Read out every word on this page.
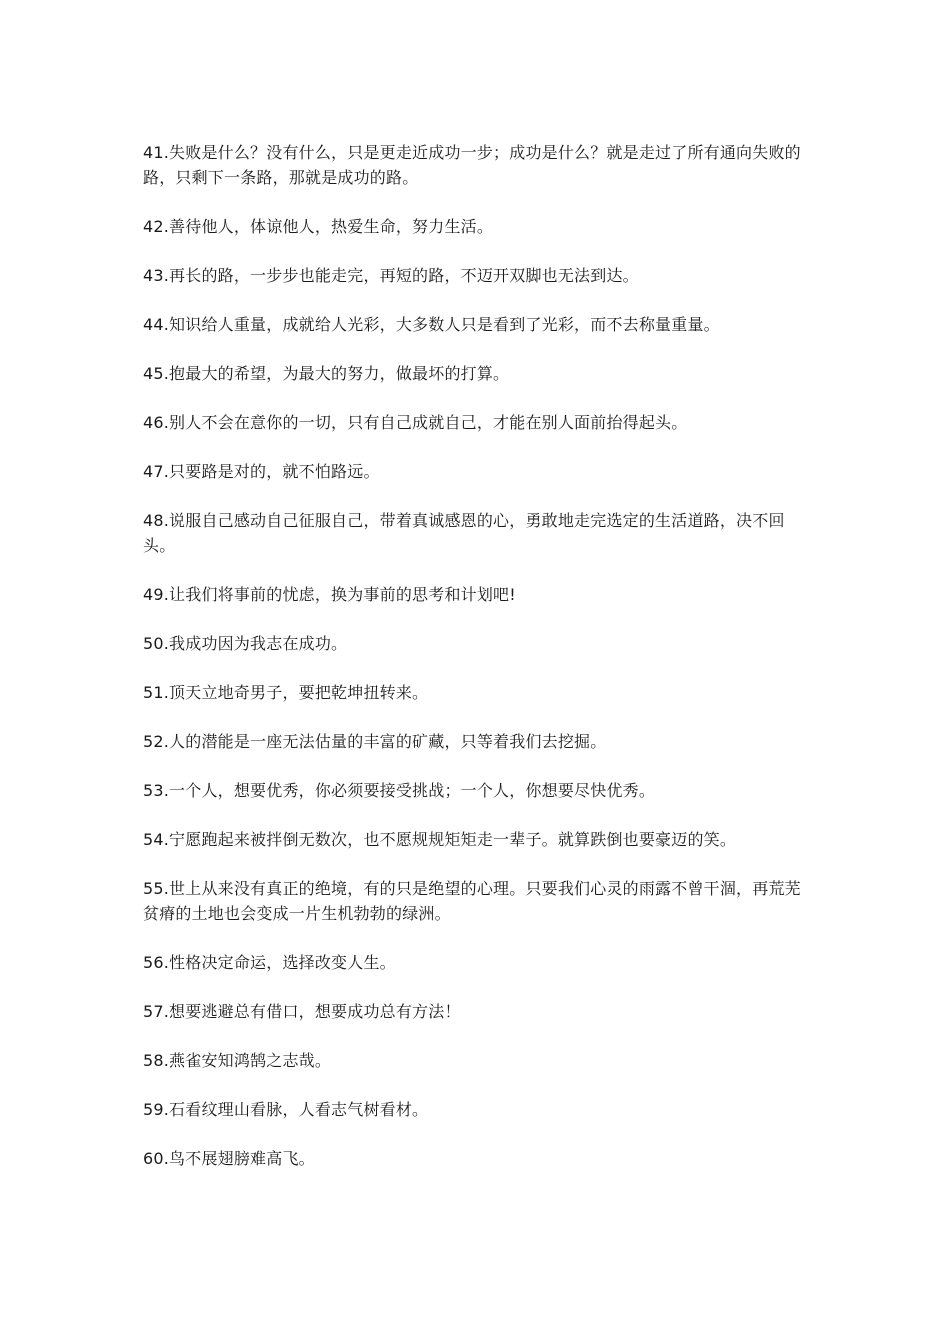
41.失败是什么？没有什么，只是更走近成功一步；成功是什么？就是走过了所有通向失败的路，只剩下一条路，那就是成功的路。

42.善待他人，体谅他人，热爱生命，努力生活。

43.再长的路，一步步也能走完，再短的路，不迈开双脚也无法到达。

44.知识给人重量，成就给人光彩，大多数人只是看到了光彩，而不去称量重量。

45.抱最大的希望，为最大的努力，做最坏的打算。

46.别人不会在意你的一切，只有自己成就自己，才能在别人面前抬得起头。

47.只要路是对的，就不怕路远。

48.说服自己感动自己征服自己，带着真诚感恩的心，勇敢地走完选定的生活道路，决不回头。

49.让我们将事前的忧虑，换为事前的思考和计划吧!

50.我成功因为我志在成功。

51.顶天立地奇男子，要把乾坤扭转来。

52.人的潜能是一座无法估量的丰富的矿藏，只等着我们去挖掘。

53.一个人，想要优秀，你必须要接受挑战；一个人，你想要尽快优秀。

54.宁愿跑起来被拌倒无数次，也不愿规规矩矩走一辈子。就算跌倒也要豪迈的笑。

55.世上从来没有真正的绝境，有的只是绝望的心理。只要我们心灵的雨露不曾干涸，再荒芜贫瘠的土地也会变成一片生机勃勃的绿洲。

56.性格决定命运，选择改变人生。

57.想要逃避总有借口，想要成功总有方法！

58.燕雀安知鸿鹄之志哉。

59.石看纹理山看脉，人看志气树看材。

60.鸟不展翅膀难高飞。
